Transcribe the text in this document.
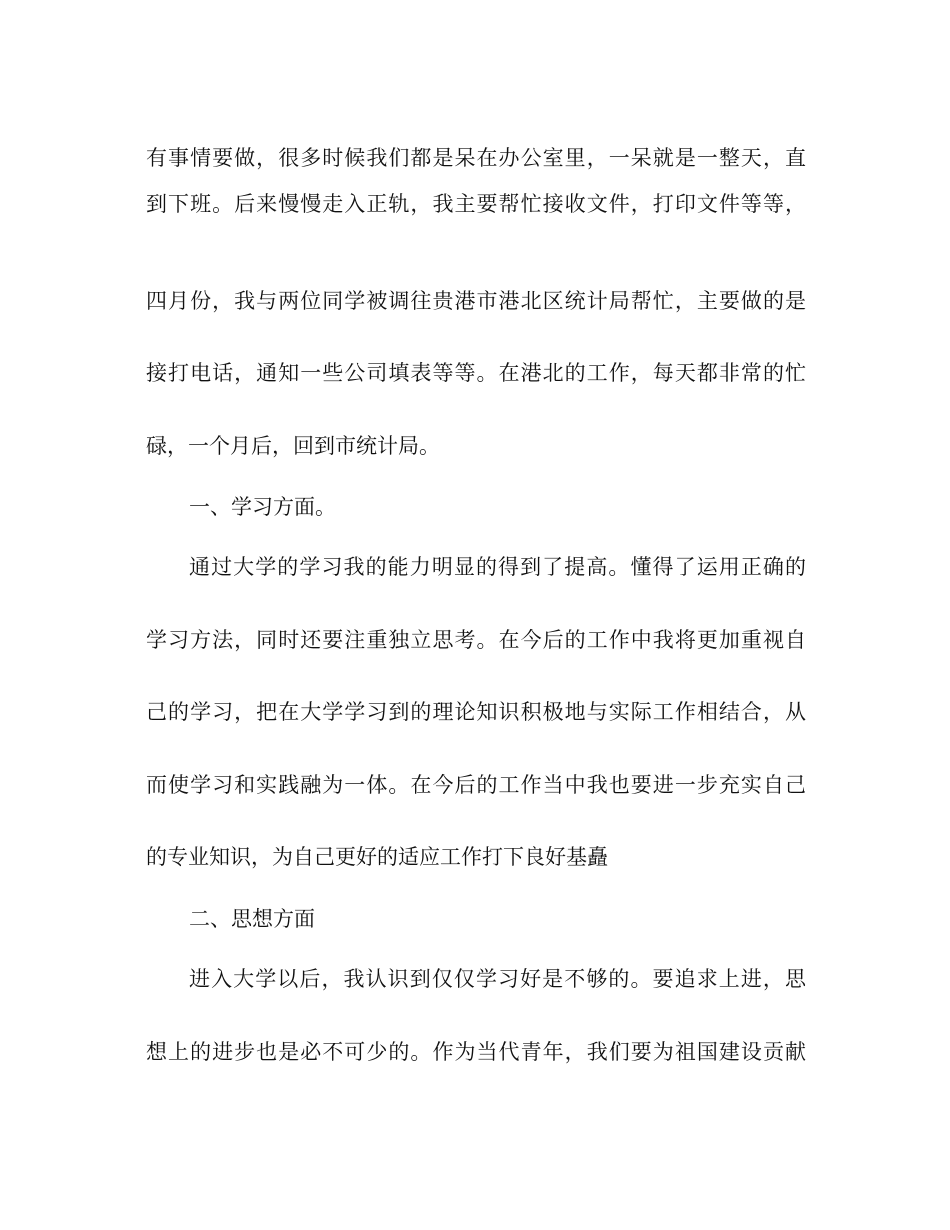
有事情要做，很多时候我们都是呆在办公室里，一呆就是一整天，直
到下班。后来慢慢走入正轨，我主要帮忙接收文件，打印文件等等，
四月份，我与两位同学被调往贵港市港北区统计局帮忙，主要做的是
接打电话，通知一些公司填表等等。在港北的工作，每天都非常的忙
碌，一个月后，回到市统计局。
一、学习方面。
通过大学的学习我的能力明显的得到了提高。懂得了运用正确的
学习方法，同时还要注重独立思考。在今后的工作中我将更加重视自
己的学习，把在大学学习到的理论知识积极地与实际工作相结合，从
而使学习和实践融为一体。在今后的工作当中我也要进一步充实自己
的专业知识，为自己更好的适应工作打下良好基矗
二、思想方面
进入大学以后，我认识到仅仅学习好是不够的。要追求上进，思
想上的进步也是必不可少的。作为当代青年，我们要为祖国建设贡献
